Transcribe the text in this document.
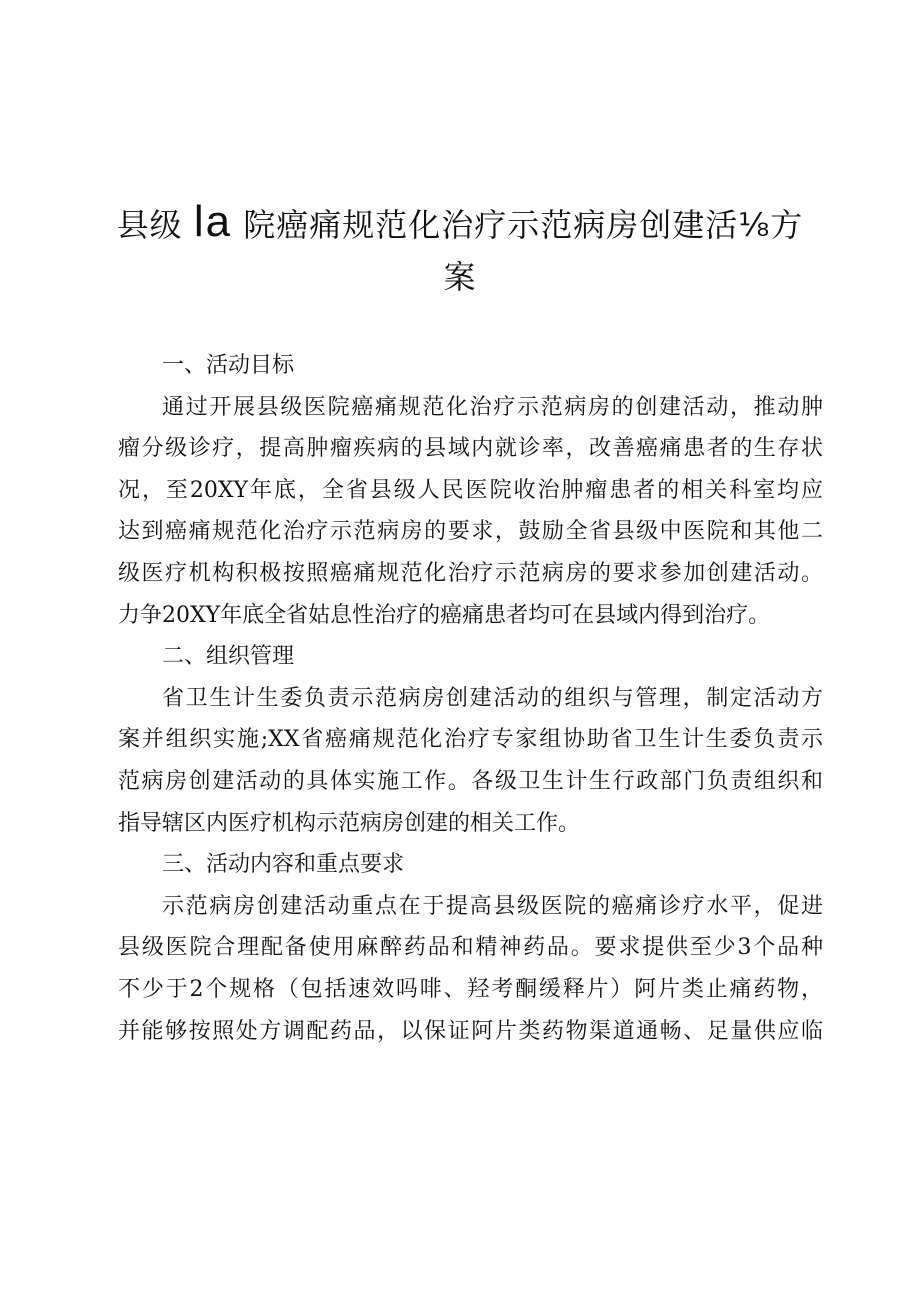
县级 la 院癌痛规范化治疗示范病房创建活⅛方
案

一、活动目标

通过开展县级医院癌痛规范化治疗示范病房的创建活动，推动肿
瘤分级诊疗，提高肿瘤疾病的县域内就诊率，改善癌痛患者的生存状
况，至20XY年底，全省县级人民医院收治肿瘤患者的相关科室均应
达到癌痛规范化治疗示范病房的要求，鼓励全省县级中医院和其他二
级医疗机构积极按照癌痛规范化治疗示范病房的要求参加创建活动。
力争20XY年底全省姑息性治疗的癌痛患者均可在县域内得到治疗。

二、组织管理

省卫生计生委负责示范病房创建活动的组织与管理，制定活动方
案并组织实施;XX省癌痛规范化治疗专家组协助省卫生计生委负责示
范病房创建活动的具体实施工作。各级卫生计生行政部门负责组织和
指导辖区内医疗机构示范病房创建的相关工作。

三、活动内容和重点要求

示范病房创建活动重点在于提高县级医院的癌痛诊疗水平，促进
县级医院合理配备使用麻醉药品和精神药品。要求提供至少3个品种
不少于2个规格（包括速效吗啡、羟考酮缓释片）阿片类止痛药物，
并能够按照处方调配药品，以保证阿片类药物渠道通畅、足量供应临
